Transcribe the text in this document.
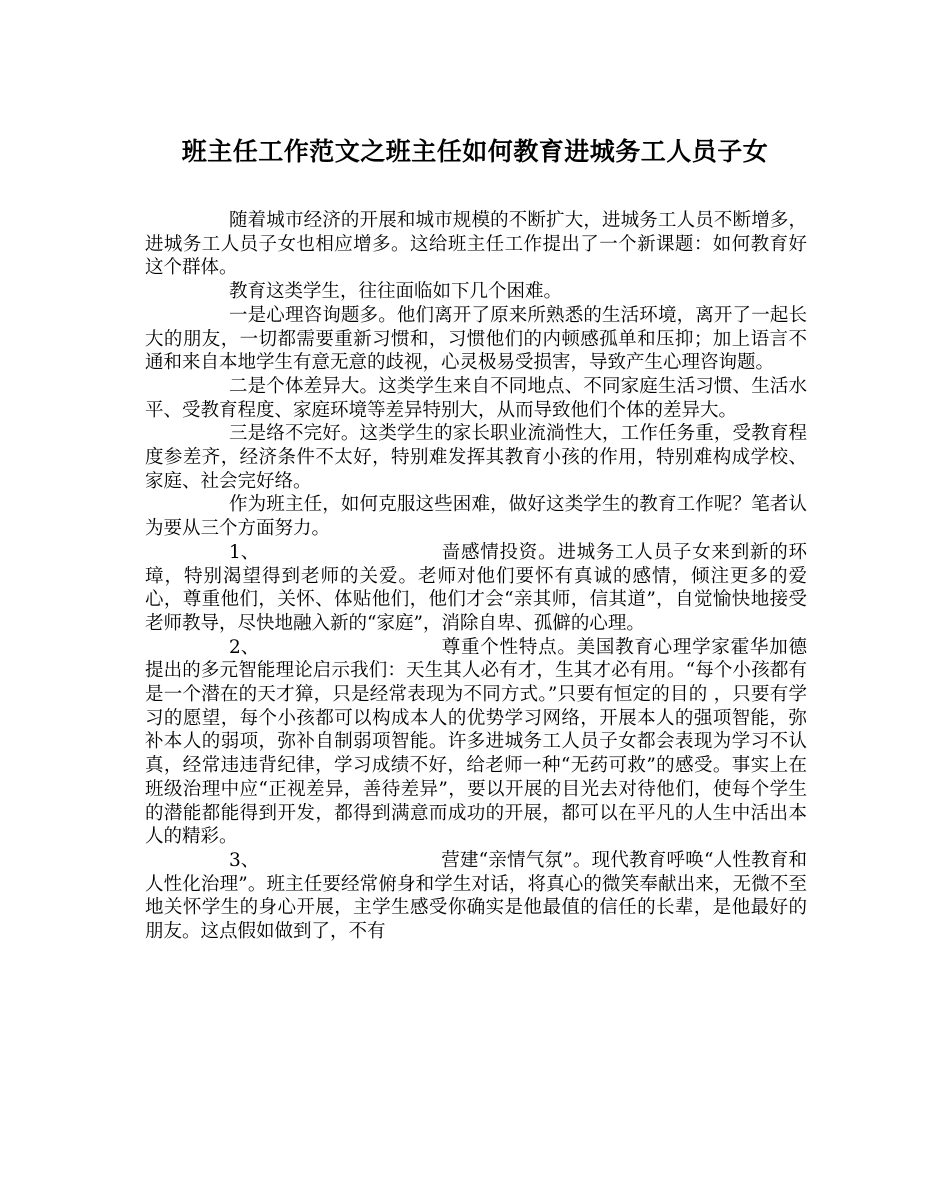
班主任工作范文之班主任如何教育进城务工人员子女

随着城市经济的开展和城市规模的不断扩大，进城务工人员不断增多，进城务工人员子女也相应增多。这给班主任工作提出了一个新课题：如何教育好这个群体。

教育这类学生，往往面临如下几个困难。

一是心理咨询题多。他们离开了原来所熟悉的生活环境，离开了一起长大的朋友，一切都需要重新习惯和，习惯他们的内顿感孤单和压抑；加上语言不通和来自本地学生有意无意的歧视，心灵极易受损害，导致产生心理咨询题。

二是个体差异大。这类学生来自不同地点、不同家庭生活习惯、生活水平、受教育程度、家庭环境等差异特别大，从而导致他们个体的差异大。

三是络不完好。这类学生的家长职业流淌性大，工作任务重，受教育程度参差齐，经济条件不太好，特别难发挥其教育小孩的作用，特别难构成学校、家庭、社会完好络。

作为班主任，如何克服这些困难，做好这类学生的教育工作呢？笔者认为要从三个方面努力。

1、	啬感情投资。进城务工人员子女来到新的环璋，特别渴望得到老师的关爱。老师对他们要怀有真诚的感情，倾注更多的爱心，尊重他们，关怀、体贴他们，他们才会“亲其师，信其道”，自觉愉快地接受老师教导，尽快地融入新的“家庭”，消除自卑、孤僻的心理。

2、	尊重个性特点。美国教育心理学家霍华加德提出的多元智能理论启示我们：天生其人必有才，生其才必有用。“每个小孩都有是一个潜在的天才獐，只是经常表现为不同方式。”只要有恒定的目的 ，只要有学习的愿望，每个小孩都可以构成本人的优势学习网络，开展本人的强项智能，弥补本人的弱项，弥补自制弱项智能。许多进城务工人员子女都会表现为学习不认真，经常违违背纪律，学习成绩不好，给老师一种“无药可救”的感受。事实上在班级治理中应“正视差异，善待差异”，要以开展的目光去对待他们，使每个学生的潜能都能得到开发，都得到满意而成功的开展，都可以在平凡的人生中活出本人的精彩。

3、	营建“亲情气氛”。现代教育呼唤“人性教育和人性化治理”。班主任要经常俯身和学生对话，将真心的微笑奉献出来，无微不至地关怀学生的身心开展，主学生感受你确实是他最值的信任的长辈，是他最好的朋友。这点假如做到了，不有
